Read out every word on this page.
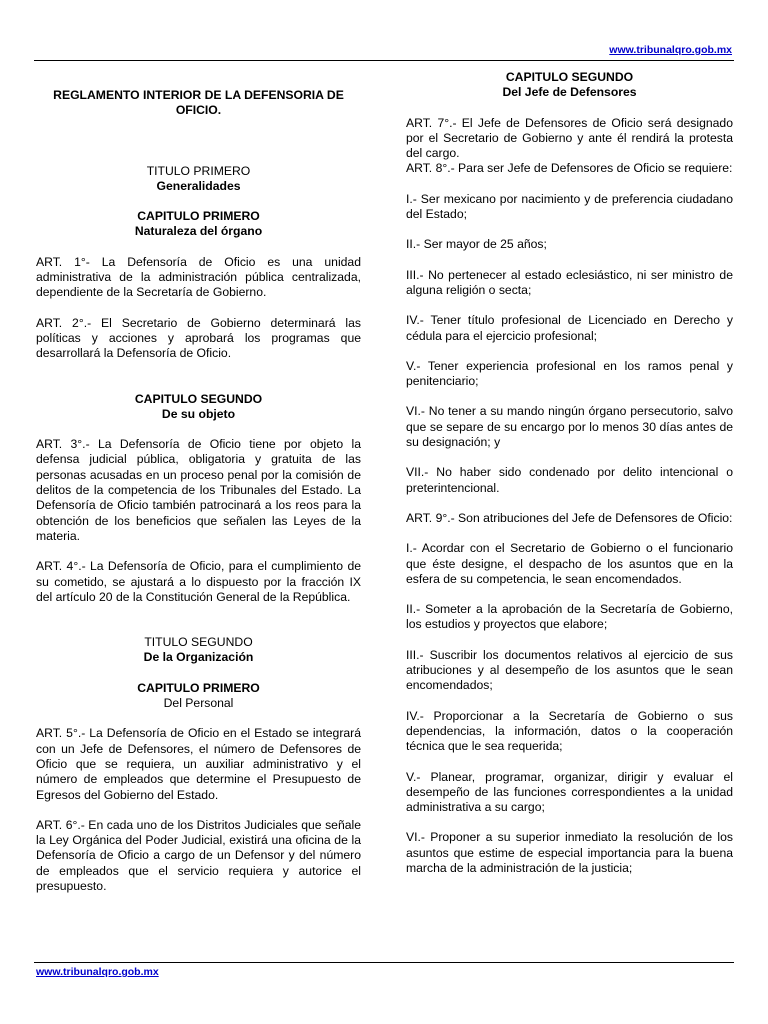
www.tribunalqro.gob.mx
REGLAMENTO INTERIOR DE LA DEFENSORIA DE OFICIO.
TITULO PRIMERO
Generalidades
CAPITULO PRIMERO
Naturaleza del órgano

ART. 1°- La Defensoría de Oficio es una unidad administrativa de la administración pública centralizada, dependiente de la Secretaría de Gobierno.

ART. 2°.- El Secretario de Gobierno determinará las políticas y acciones y aprobará los programas que desarrollará la Defensoría de Oficio.

CAPITULO SEGUNDO
De su objeto

ART. 3°.- La Defensoría de Oficio tiene por objeto la defensa judicial pública, obligatoria y gratuita de las personas acusadas en un proceso penal por la comisión de delitos de la competencia de los Tribunales del Estado. La Defensoría de Oficio también patrocinará a los reos para la obtención de los beneficios que señalen las Leyes de la materia.

ART. 4°.- La Defensoría de Oficio, para el cumplimiento de su cometido, se ajustará a lo dispuesto por la fracción IX del artículo 20 de la Constitución General de la República.

TITULO SEGUNDO
De la Organización
CAPITULO PRIMERO
Del Personal

ART. 5°.- La Defensoría de Oficio en el Estado se integrará con un Jefe de Defensores, el número de Defensores de Oficio que se requiera, un auxiliar administrativo y el número de empleados que determine el Presupuesto de Egresos del Gobierno del Estado.

ART. 6°.- En cada uno de los Distritos Judiciales que señale la Ley Orgánica del Poder Judicial, existirá una oficina de la Defensoría de Oficio a cargo de un Defensor y del número de empleados que el servicio requiera y autorice el presupuesto.

CAPITULO SEGUNDO
Del Jefe de Defensores

ART. 7°.- El Jefe de Defensores de Oficio será designado por el Secretario de Gobierno y ante él rendirá la protesta del cargo.

ART. 8°.- Para ser Jefe de Defensores de Oficio se requiere:

I.- Ser mexicano por nacimiento y de preferencia ciudadano del Estado;

II.- Ser mayor de 25 años;

III.- No pertenecer al estado eclesiástico, ni ser ministro de alguna religión o secta;

IV.- Tener título profesional de Licenciado en Derecho y cédula para el ejercicio profesional;

V.- Tener experiencia profesional en los ramos penal y penitenciario;

VI.- No tener a su mando ningún órgano persecutorio, salvo que se separe de su encargo por lo menos 30 días antes de su designación; y

VII.- No haber sido condenado por delito intencional o preterintencional.

ART. 9°.- Son atribuciones del Jefe de Defensores de Oficio:

I.- Acordar con el Secretario de Gobierno o el funcionario que éste designe, el despacho de los asuntos que en la esfera de su competencia, le sean encomendados.

II.- Someter a la aprobación de la Secretaría de Gobierno, los estudios y proyectos que elabore;

III.- Suscribir los documentos relativos al ejercicio de sus atribuciones y al desempeño de los asuntos que le sean encomendados;

IV.- Proporcionar a la Secretaría de Gobierno o sus dependencias, la información, datos o la cooperación técnica que le sea requerida;

V.- Planear, programar, organizar, dirigir y evaluar el desempeño de las funciones correspondientes a la unidad administrativa a su cargo;

VI.- Proponer a su superior inmediato la resolución de los asuntos que estime de especial importancia para la buena marcha de la administración de la justicia;

www.tribunalqro.gob.mx
